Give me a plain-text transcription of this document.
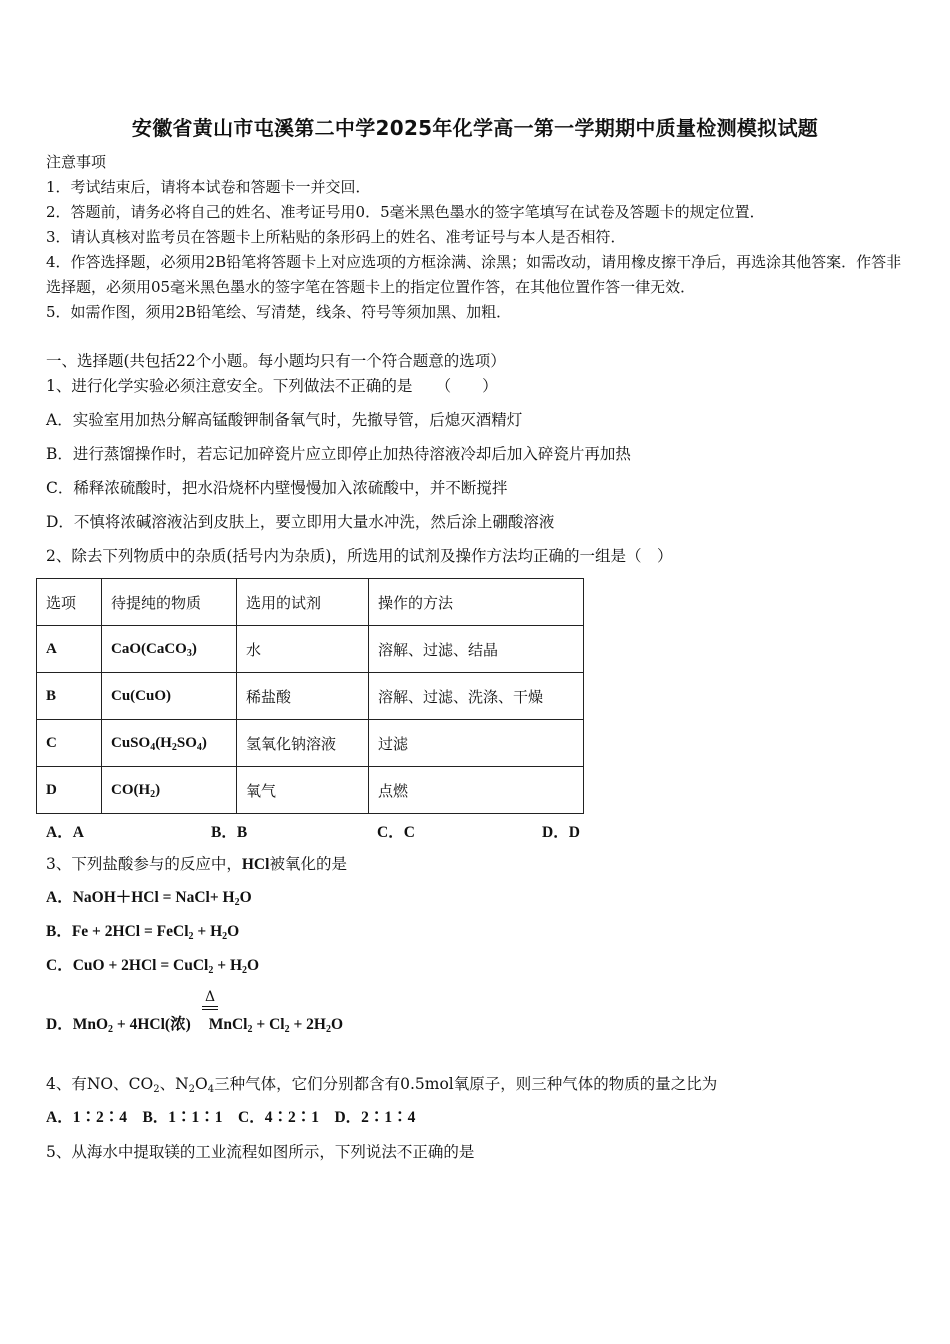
安徽省黄山市屯溪第二中学2025年化学高一第一学期期中质量检测模拟试题
注意事项
1．考试结束后，请将本试卷和答题卡一并交回．
2．答题前，请务必将自己的姓名、准考证号用0．5毫米黑色墨水的签字笔填写在试卷及答题卡的规定位置．
3．请认真核对监考员在答题卡上所粘贴的条形码上的姓名、准考证号与本人是否相符．
4．作答选择题，必须用2B铅笔将答题卡上对应选项的方框涂满、涂黑；如需改动，请用橡皮擦干净后，再选涂其他答案．作答非选择题，必须用05毫米黑色墨水的签字笔在答题卡上的指定位置作答，在其他位置作答一律无效．
5．如需作图，须用2B铅笔绘、写清楚，线条、符号等须加黑、加粗．
一、选择题(共包括22个小题。每小题均只有一个符合题意的选项）
1、进行化学实验必须注意安全。下列做法不正确的是　　（　　）
A．实验室用加热分解高锰酸钾制备氧气时，先撤导管，后熄灭酒精灯
B．进行蒸馏操作时，若忘记加碎瓷片应立即停止加热待溶液冷却后加入碎瓷片再加热
C．稀释浓硫酸时，把水沿烧杯内壁慢慢加入浓硫酸中，并不断搅拌
D．不慎将浓碱溶液沾到皮肤上，要立即用大量水冲洗，然后涂上硼酸溶液
2、除去下列物质中的杂质(括号内为杂质)，所选用的试剂及操作方法均正确的一组是（　）
选项	待提纯的物质	选用的试剂	操作的方法
A	CaO(CaCO$_3$)	水	溶解、过滤、结晶
B	Cu(CuO)	稀盐酸	溶解、过滤、洗涤、干燥
C	$CuSO_4(H_2SO_4)$	氢氧化钠溶液	过滤
D	$CO(H_2)$	氧气	点燃
A．A	B．B	C．C	D．D
3、下列盐酸参与的反应中，HCl被氧化的是
A．NaOH＋HCl = NaCl+ $H_2O$
B．Fe + 2HCl = FeCl$_2$ + $H_2O$
C．CuO + 2HCl = CuCl$_2$ + $H_2O$
Δ
D．MnO$_2$ + 4HCl(浓) MnCl$_2$ + $Cl_2 + 2H_2O$
4、有NO、$CO_2$、$N_2O_4$三种气体，它们分别都含有0.5mol氧原子，则三种气体的物质的量之比为
A．1∶2∶4　B．1∶1∶1　C．4∶2∶1　D．2∶1∶4
5、从海水中提取镁的工业流程如图所示，下列说法不正确的是
